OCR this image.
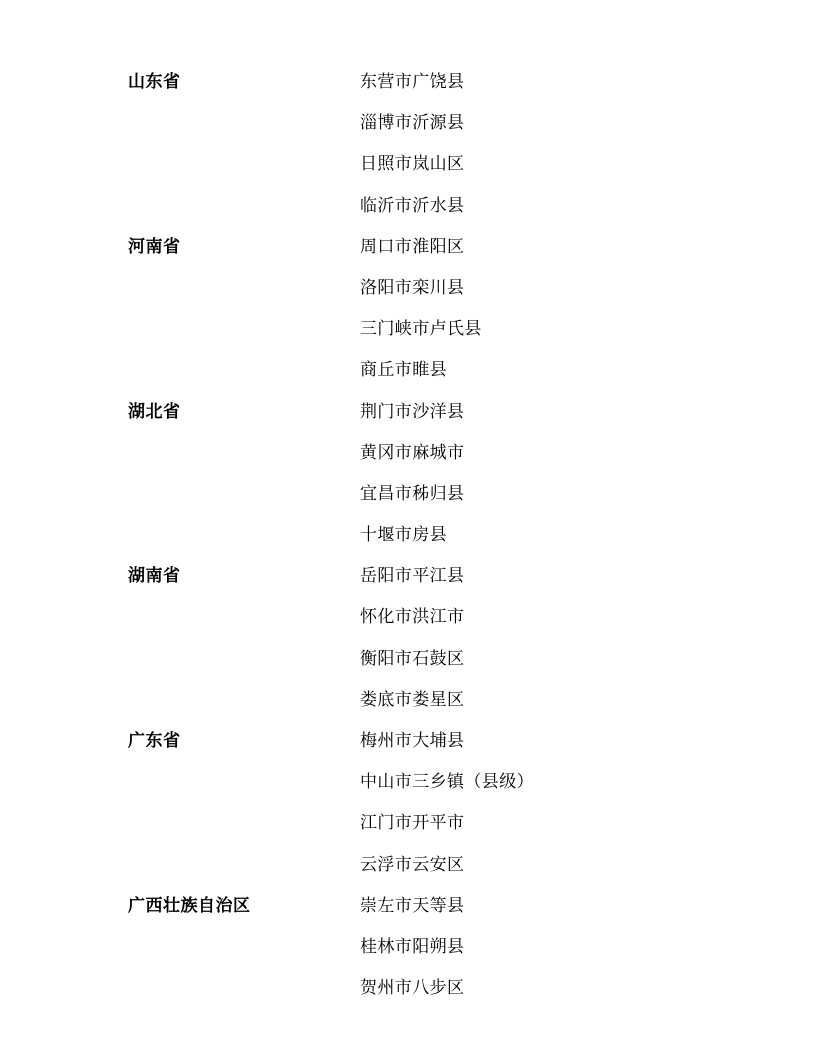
山东省	东营市广饶县
淄博市沂源县
日照市岚山区
临沂市沂水县

河南省	周口市淮阳区
洛阳市栾川县
三门峡市卢氏县
商丘市睢县

湖北省	荆门市沙洋县
黄冈市麻城市
宜昌市秭归县
十堰市房县

湖南省	岳阳市平江县
怀化市洪江市
衡阳市石鼓区
娄底市娄星区

广东省	梅州市大埔县
中山市三乡镇（县级）
江门市开平市
云浮市云安区

广西壮族自治区	崇左市天等县
桂林市阳朔县
贺州市八步区
